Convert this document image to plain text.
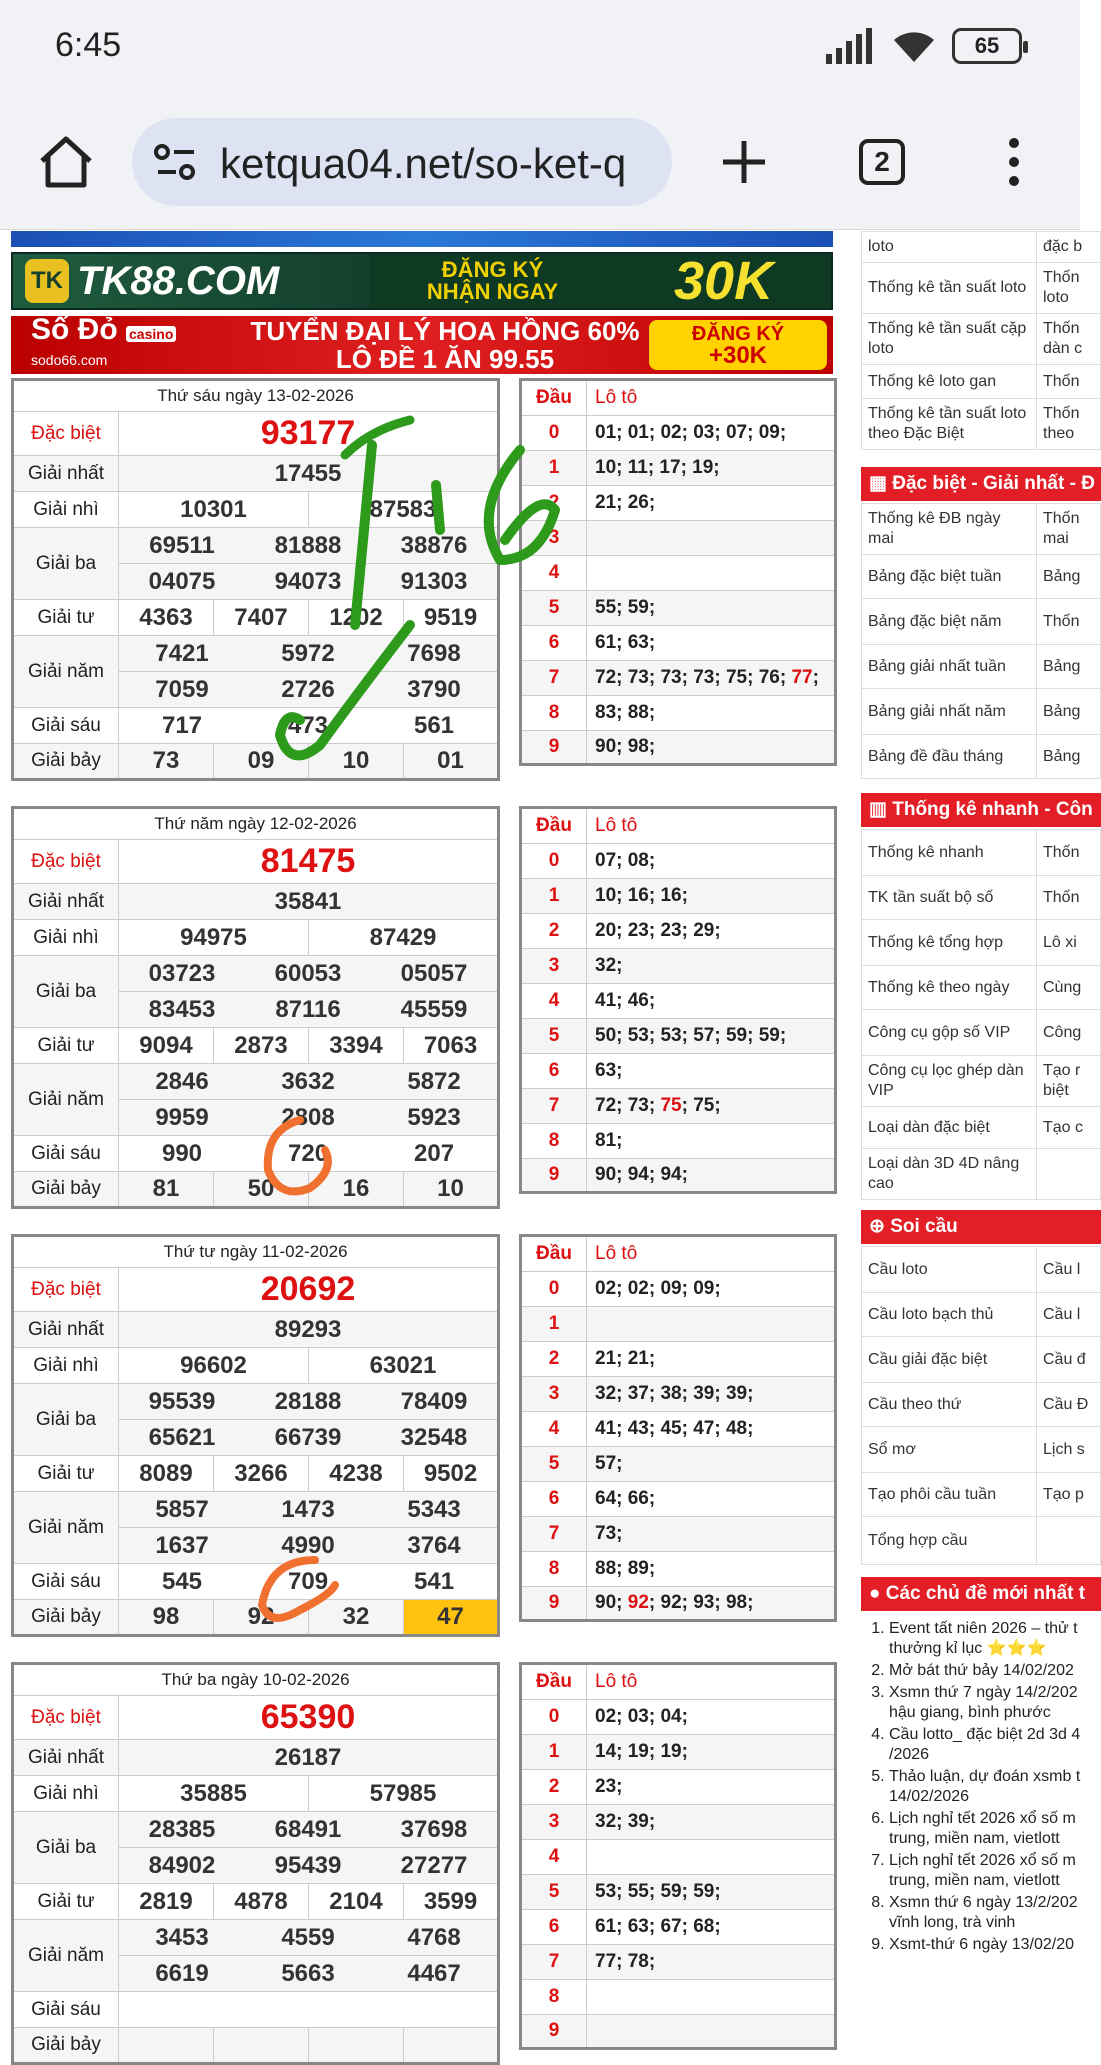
6:45	65
ketqua04.net/so-ket-q	2
TK TK88.COM	ĐĂNG KÝ
NHẬN NGAY 30K
Số Đỏ casino
sodo66.com
TUYỂN ĐẠI LÝ HOA HỒNG 60%
LÔ ĐỀ 1 ĂN 99.55
ĐĂNG KÝ
+30K
Thứ sáu ngày 13-02-2026				
Đặc biệt	93177			
Giải nhất	17455			
Giải nhì	10301		87583	
Giải ba	69511 81888 38876			

	04075 94073 91303			

Giải tư	4363	7407	1202	9519
Giải năm	7421 5972 7698			

	7059 2726 3790			

Giải sáu	717 473 561			

Giải bảy	73	09	10	01
Đầu	Lô tô
0	01; 01; 02; 03; 07; 09;
1	10; 11; 17; 19;
2	21; 26;
3	
4	
5	55; 59;
6	61; 63;
7	72; 73; 73; 73; 75; 76; 77;
8	83; 88;
9	90; 98;
Thứ năm ngày 12-02-2026				
Đặc biệt	81475			
Giải nhất	35841			
Giải nhì	94975		87429	
Giải ba	03723 60053 05057			

	83453 87116 45559			

Giải tư	9094	2873	3394	7063
Giải năm	2846 3632 5872			

	9959 2808 5923			

Giải sáu	990 720 207			

Giải bảy	81	50	16	10
Đầu	Lô tô
0	07; 08;
1	10; 16; 16;
2	20; 23; 23; 29;
3	32;
4	41; 46;
5	50; 53; 53; 57; 59; 59;
6	63;
7	72; 73; 75; 75;
8	81;
9	90; 94; 94;
Thứ tư ngày 11-02-2026				
Đặc biệt	20692			
Giải nhất	89293			
Giải nhì	96602		63021	
Giải ba	95539 28188 78409			

	65621 66739 32548			

Giải tư	8089	3266	4238	9502
Giải năm	5857 1473 5343			

	1637 4990 3764			

Giải sáu	545 709 541			

Giải bảy	98	92	32	47
Đầu	Lô tô
0	02; 02; 09; 09;
1	
2	21; 21;
3	32; 37; 38; 39; 39;
4	41; 43; 45; 47; 48;
5	57;
6	64; 66;
7	73;
8	88; 89;
9	90; 92; 92; 93; 98;
Thứ ba ngày 10-02-2026				
Đặc biệt	65390			
Giải nhất	26187			
Giải nhì	35885		57985	
Giải ba	28385 68491 37698			

	84902 95439 27277			

Giải tư	2819	4878	2104	3599
Giải năm	3453 4559 4768			

	6619 5663 4467			

Giải sáu				

Giải bảy				
Đầu	Lô tô
0	02; 03; 04;
1	14; 19; 19;
2	23;
3	32; 39;
4	
5	53; 55; 59; 59;
6	61; 63; 67; 68;
7	77; 78;
8	
9	
loto	đặc b
Thống kê tần suất loto	Thốn loto
Thống kê tần suất cặp loto	Thốn dàn c
Thống kê loto gan	Thốn
Thống kê tần suất loto theo Đặc Biệt	Thốn theo
▦ Đặc biệt - Giải nhất - Đ
Thống kê ĐB ngày mai	Thốn mai
Bảng đặc biệt tuần	Bảng
Bảng đặc biệt năm	Thốn
Bảng giải nhất tuần	Bảng
Bảng giải nhất năm	Bảng
Bảng đề đầu tháng	Bảng
▥ Thống kê nhanh - Côn
Thống kê nhanh	Thốn
TK tần suất bộ số	Thốn
Thống kê tổng hợp	Lô xi
Thống kê theo ngày	Cùng
Công cụ gộp số VIP	Công
Công cụ lọc ghép dàn VIP	Tạo r biệt
Loại dàn đặc biệt	Tạo c
Loại dàn 3D 4D nâng cao	
⊕ Soi cầu
Cầu loto	Cầu l
Cầu loto bạch thủ	Cầu l
Cầu giải đặc biệt	Cầu đ
Cầu theo thứ	Cầu Đ
Sổ mơ	Lịch s
Tạo phôi cầu tuần	Tạo p
Tổng hợp cầu	
● Các chủ đề mới nhất t
1. Event tất niên 2026 – thử t thưởng kỉ lục ⭐⭐⭐
2. Mở bát thứ bảy 14/02/202
3. Xsmn thứ 7 ngày 14/2/202 hậu giang, bình phước
4. Cầu lotto_ đặc biệt 2d 3d 4 /2026
5. Thảo luận, dự đoán xsmb t 14/02/2026
6. Lịch nghỉ tết 2026 xổ số m trung, miền nam, vietlott
7. Lịch nghỉ tết 2026 xổ số m trung, miền nam, vietlott
8. Xsmn thứ 6 ngày 13/2/202 vĩnh long, trà vinh
9. Xsmt-thứ 6 ngày 13/02/20
